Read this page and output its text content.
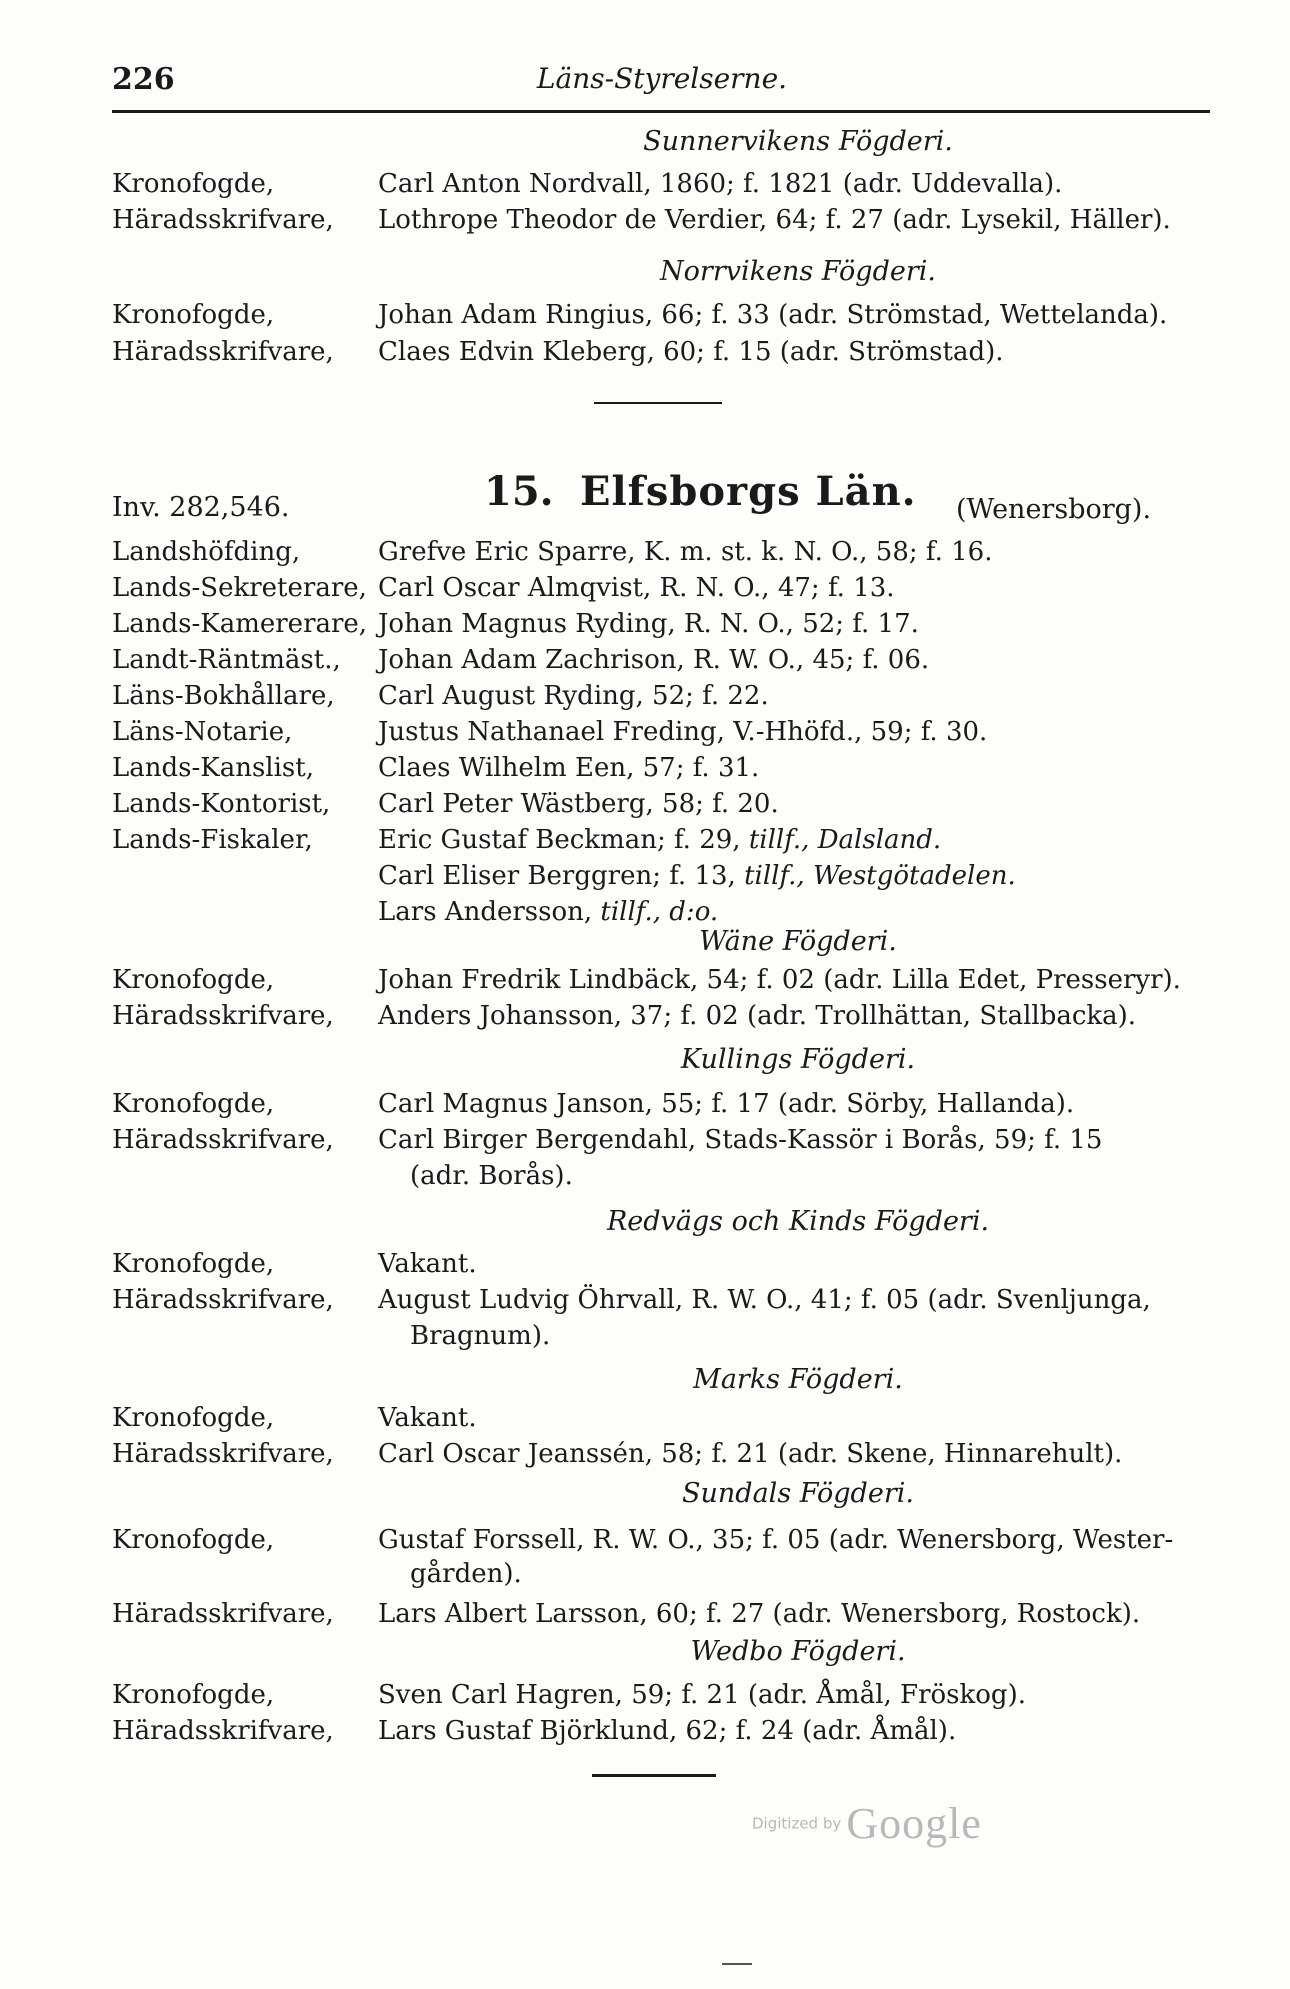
226	Läns-Styrelserne.
Sunnervikens Fögderi.
Kronofogde,	Carl Anton Nordvall, 1860; f. 1821 (adr. Uddevalla).
Häradsskrifvare,	Lothrope Theodor de Verdier, 64; f. 27 (adr. Lysekil, Häller).
Norrvikens Fögderi.
Kronofogde,	Johan Adam Ringius, 66; f. 33 (adr. Strömstad, Wettelanda).
Häradsskrifvare,	Claes Edvin Kleberg, 60; f. 15 (adr. Strömstad).
Inv. 282,546.	15. Elfsborgs Län. (Wenersborg).
Landshöfding,	Grefve Eric Sparre, K. m. st. k. N. O., 58; f. 16.
Lands-Sekreterare, Carl Oscar Almqvist, R. N. O., 47; f. 13.
Lands-Kamererare, Johan Magnus Ryding, R. N. O., 52; f. 17.
Landt-Räntmäst.,	Johan Adam Zachrison, R. W. O., 45; f. 06.
Läns-Bokhållare,	Carl August Ryding, 52; f. 22.
Läns-Notarie,	Justus Nathanael Freding, V.-Hhöfd., 59; f. 30.
Lands-Kanslist,	Claes Wilhelm Een, 57; f. 31.
Lands-Kontorist,	Carl Peter Wästberg, 58; f. 20.
Lands-Fiskaler,	Eric Gustaf Beckman; f. 29, tillf., Dalsland.
Carl Eliser Berggren; f. 13, tillf., Westgötadelen.
Lars Andersson, tillf., d:o.
Wäne Fögderi.
Kronofogde,	Johan Fredrik Lindbäck, 54; f. 02 (adr. Lilla Edet, Presseryr).
Häradsskrifvare,	Anders Johansson, 37; f. 02 (adr. Trollhättan, Stallbacka).
Kullings Fögderi.
Kronofogde,	Carl Magnus Janson, 55; f. 17 (adr. Sörby, Hallanda).
Häradsskrifvare,	Carl Birger Bergendahl, Stads-Kassör i Borås, 59; f. 15
(adr. Borås).
Redvägs och Kinds Fögderi.
Kronofogde,	Vakant.
Häradsskrifvare,	August Ludvig Öhrvall, R. W. O., 41; f. 05 (adr. Svenljunga,
Bragnum).
Marks Fögderi.
Kronofogde,	Vakant.
Häradsskrifvare,	Carl Oscar Jeanssén, 58; f. 21 (adr. Skene, Hinnarehult).
Sundals Fögderi.
Kronofogde,	Gustaf Forssell, R. W. O., 35; f. 05 (adr. Wenersborg, Wester-
gården).
Häradsskrifvare,	Lars Albert Larsson, 60; f. 27 (adr. Wenersborg, Rostock).
Wedbo Fögderi.
Kronofogde,	Sven Carl Hagren, 59; f. 21 (adr. Åmål, Fröskog).
Häradsskrifvare,	Lars Gustaf Björklund, 62; f. 24 (adr. Åmål).
Digitized by Google
